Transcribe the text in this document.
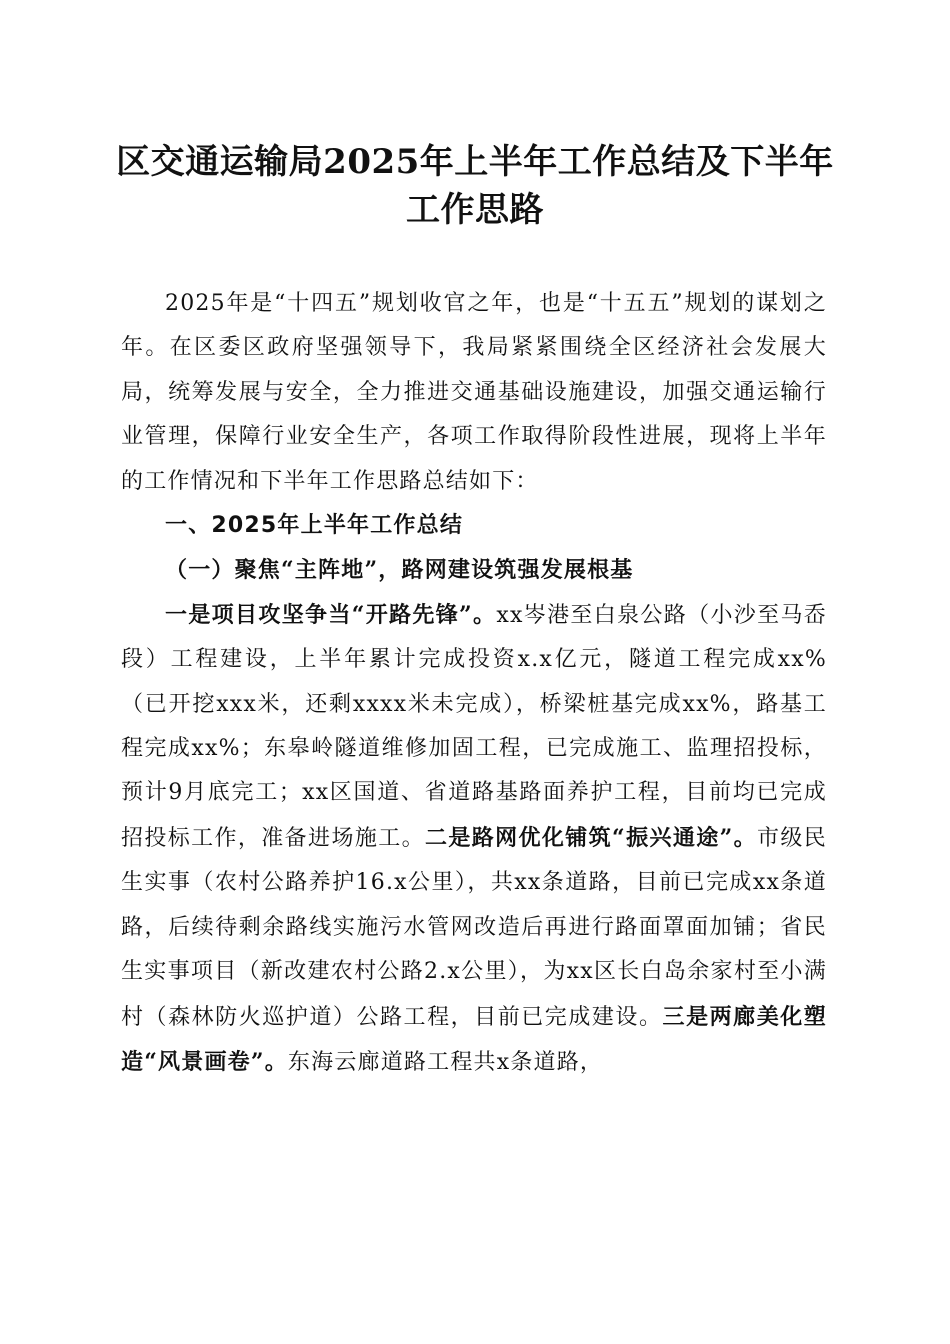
区交通运输局2025年上半年工作总结及下半年工作思路

2025年是“十四五”规划收官之年，也是“十五五”规划的谋划之年。在区委区政府坚强领导下，我局紧紧围绕全区经济社会发展大局，统筹发展与安全，全力推进交通基础设施建设，加强交通运输行业管理，保障行业安全生产，各项工作取得阶段性进展，现将上半年的工作情况和下半年工作思路总结如下：

一、2025年上半年工作总结

（一）聚焦“主阵地”，路网建设筑强发展根基

一是项目攻坚争当“开路先锋”。xx岑港至白泉公路（小沙至马岙段）工程建设，上半年累计完成投资x.x亿元，隧道工程完成xx%（已开挖xxx米，还剩xxxx米未完成），桥梁桩基完成xx%，路基工程完成xx%；东皋岭隧道维修加固工程，已完成施工、监理招投标，预计9月底完工；xx区国道、省道路基路面养护工程，目前均已完成招投标工作，准备进场施工。二是路网优化铺筑“振兴通途”。市级民生实事（农村公路养护16.x公里），共xx条道路，目前已完成xx条道路，后续待剩余路线实施污水管网改造后再进行路面罩面加铺；省民生实事项目（新改建农村公路2.x公里），为xx区长白岛余家村至小满村（森林防火巡护道）公路工程，目前已完成建设。三是两廊美化塑造“风景画卷”。东海云廊道路工程共x条道路，
